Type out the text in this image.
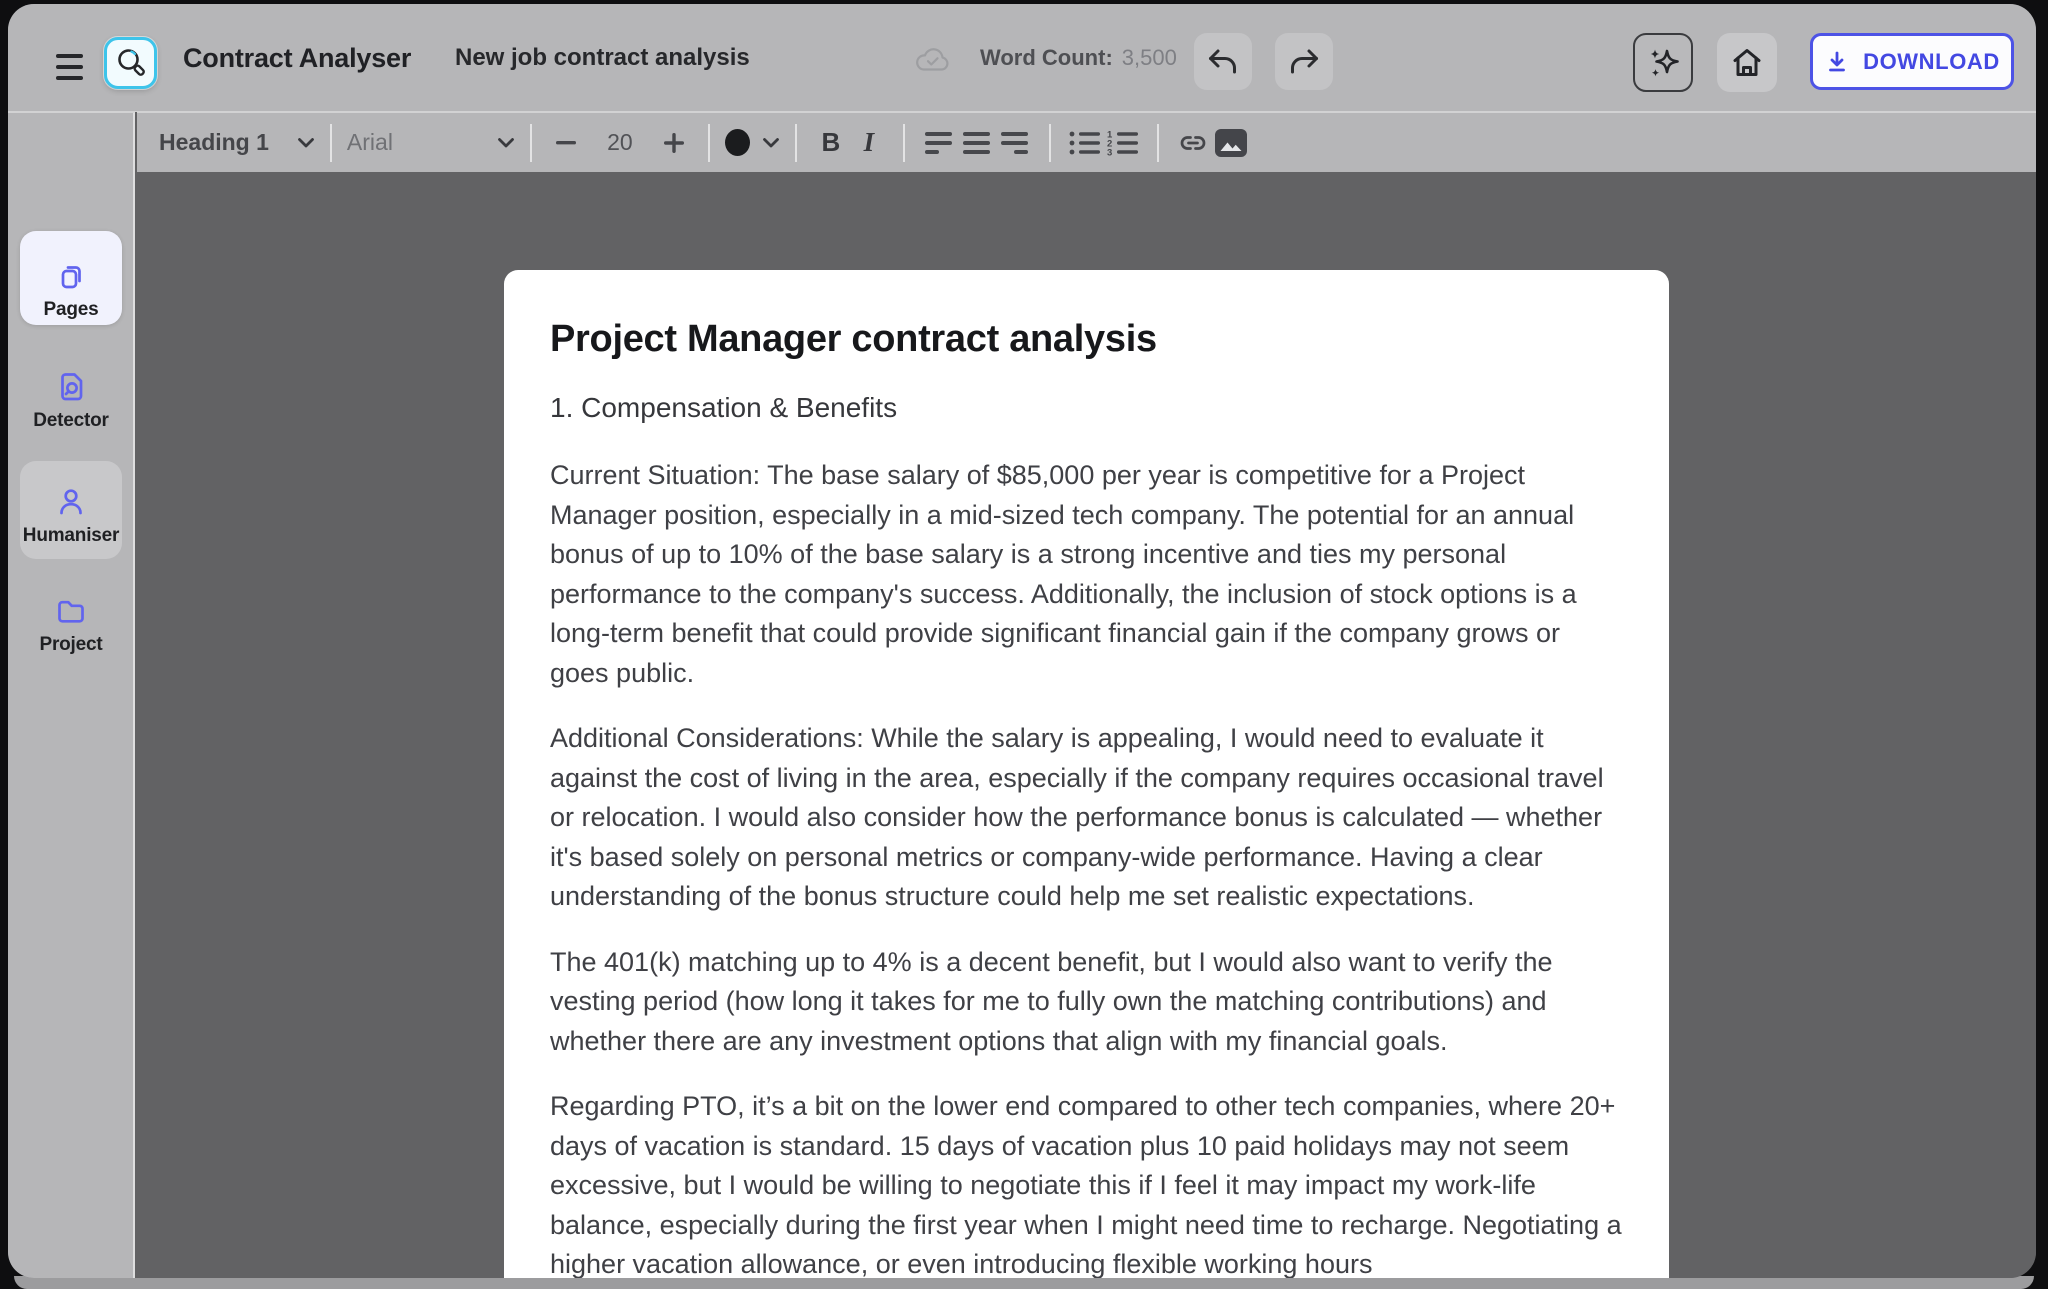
Contract Analyser New job contract analysis	Word Count: 3,500	DOWNLOAD
Heading 1	Arial	20	B I	1
2
3
Pages
Detector
Humaniser
Project
Project Manager contract analysis
1. Compensation & Benefits

Current Situation: The base salary of $85,000 per year is competitive for a Project Manager position, especially in a mid-sized tech company. The potential for an annual bonus of up to 10% of the base salary is a strong incentive and ties my personal performance to the company's success. Additionally, the inclusion of stock options is a long-term benefit that could provide significant financial gain if the company grows or goes public.

Additional Considerations: While the salary is appealing, I would need to evaluate it against the cost of living in the area, especially if the company requires occasional travel or relocation. I would also consider how the performance bonus is calculated — whether it's based solely on personal metrics or company-wide performance. Having a clear understanding of the bonus structure could help me set realistic expectations.

The 401(k) matching up to 4% is a decent benefit, but I would also want to verify the vesting period (how long it takes for me to fully own the matching contributions) and whether there are any investment options that align with my financial goals.

Regarding PTO, it’s a bit on the lower end compared to other tech companies, where 20+ days of vacation is standard. 15 days of vacation plus 10 paid holidays may not seem excessive, but I would be willing to negotiate this if I feel it may impact my work-life balance, especially during the first year when I might need time to recharge. Negotiating a higher vacation allowance, or even introducing flexible working hours
